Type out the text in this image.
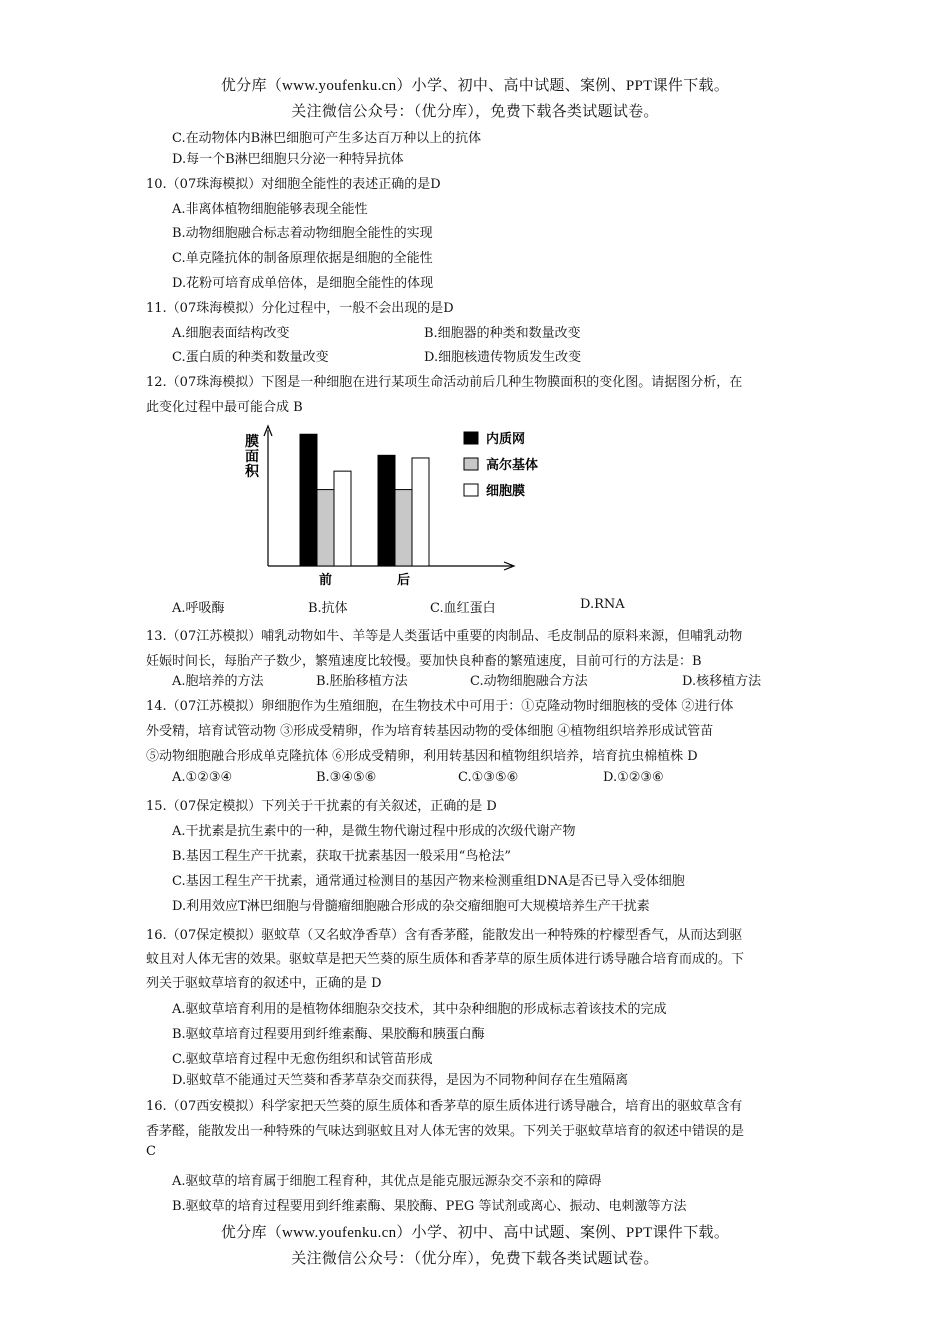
优分库（www.youfenku.cn）小学、初中、高中试题、案例、PPT课件下载。
关注微信公众号：（优分库），免费下载各类试题试卷。
C.在动物体内B淋巴细胞可产生多达百万种以上的抗体
D.每一个B淋巴细胞只分泌一种特异抗体
10.（07珠海模拟）对细胞全能性的表述正确的是D
A.非离体植物细胞能够表现全能性
B.动物细胞融合标志着动物细胞全能性的实现
C.单克隆抗体的制备原理依据是细胞的全能性
D.花粉可培育成单倍体，是细胞全能性的体现
11.（07珠海模拟）分化过程中，一般不会出现的是D
A.细胞表面结构改变	B.细胞器的种类和数量改变
C.蛋白质的种类和数量改变	D.细胞核遗传物质发生改变
12.（07珠海模拟）下图是一种细胞在进行某项生命活动前后几种生物膜面积的变化图。请据图分析，在
此变化过程中最可能合成 B
膜
面
积
前	后
内质网
高尔基体
细胞膜
A.呼吸酶	B.抗体	C.血红蛋白	D.RNA
13.（07江苏模拟）哺乳动物如牛、羊等是人类蛋话中重要的肉制品、毛皮制品的原料来源，但哺乳动物
妊娠时间长，每胎产子数少，繁殖速度比较慢。要加快良种畜的繁殖速度，目前可行的方法是：B
A.胞培养的方法	B.胚胎移植方法	C.动物细胞融合方法	D.核移植方法
14.（07江苏模拟）卵细胞作为生殖细胞，在生物技术中可用于：①克隆动物时细胞核的受体 ②进行体
外受精，培育试管动物 ③形成受精卵，作为培育转基因动物的受体细胞 ④植物组织培养形成试管苗
⑤动物细胞融合形成单克隆抗体 ⑥形成受精卵，利用转基因和植物组织培养，培育抗虫棉植株 D
A.①②③④	B.③④⑤⑥	C.①③⑤⑥	D.①②③⑥
15.（07保定模拟）下列关于干扰素的有关叙述，正确的是 D
A.干扰素是抗生素中的一种，是微生物代谢过程中形成的次级代谢产物
B.基因工程生产干扰素，获取干扰素基因一般采用“鸟枪法”
C.基因工程生产干扰素，通常通过检测目的基因产物来检测重组DNA是否已导入受体细胞
D.利用效应T淋巴细胞与骨髓瘤细胞融合形成的杂交瘤细胞可大规模培养生产干扰素
16.（07保定模拟）驱蚊草（又名蚊净香草）含有香茅醛，能散发出一种特殊的柠檬型香气，从而达到驱
蚊且对人体无害的效果。驱蚊草是把天竺葵的原生质体和香茅草的原生质体进行诱导融合培育而成的。下
列关于驱蚊草培育的叙述中，正确的是 D
A.驱蚊草培育利用的是植物体细胞杂交技术，其中杂种细胞的形成标志着该技术的完成
B.驱蚊草培育过程要用到纤维素酶、果胶酶和胰蛋白酶
C.驱蚊草培育过程中无愈伤组织和试管苗形成
D.驱蚊草不能通过天竺葵和香茅草杂交而获得，是因为不同物种间存在生殖隔离
16.（07西安模拟）科学家把天竺葵的原生质体和香茅草的原生质体进行诱导融合，培育出的驱蚊草含有
香茅醛，能散发出一种特殊的气味达到驱蚊且对人体无害的效果。下列关于驱蚊草培育的叙述中错误的是
C
A.驱蚊草的培育属于细胞工程育种，其优点是能克服远源杂交不亲和的障碍
B.驱蚊草的培育过程要用到纤维素酶、果胶酶、PEG 等试剂或离心、振动、电刺激等方法
优分库（www.youfenku.cn）小学、初中、高中试题、案例、PPT课件下载。
关注微信公众号：（优分库），免费下载各类试题试卷。
